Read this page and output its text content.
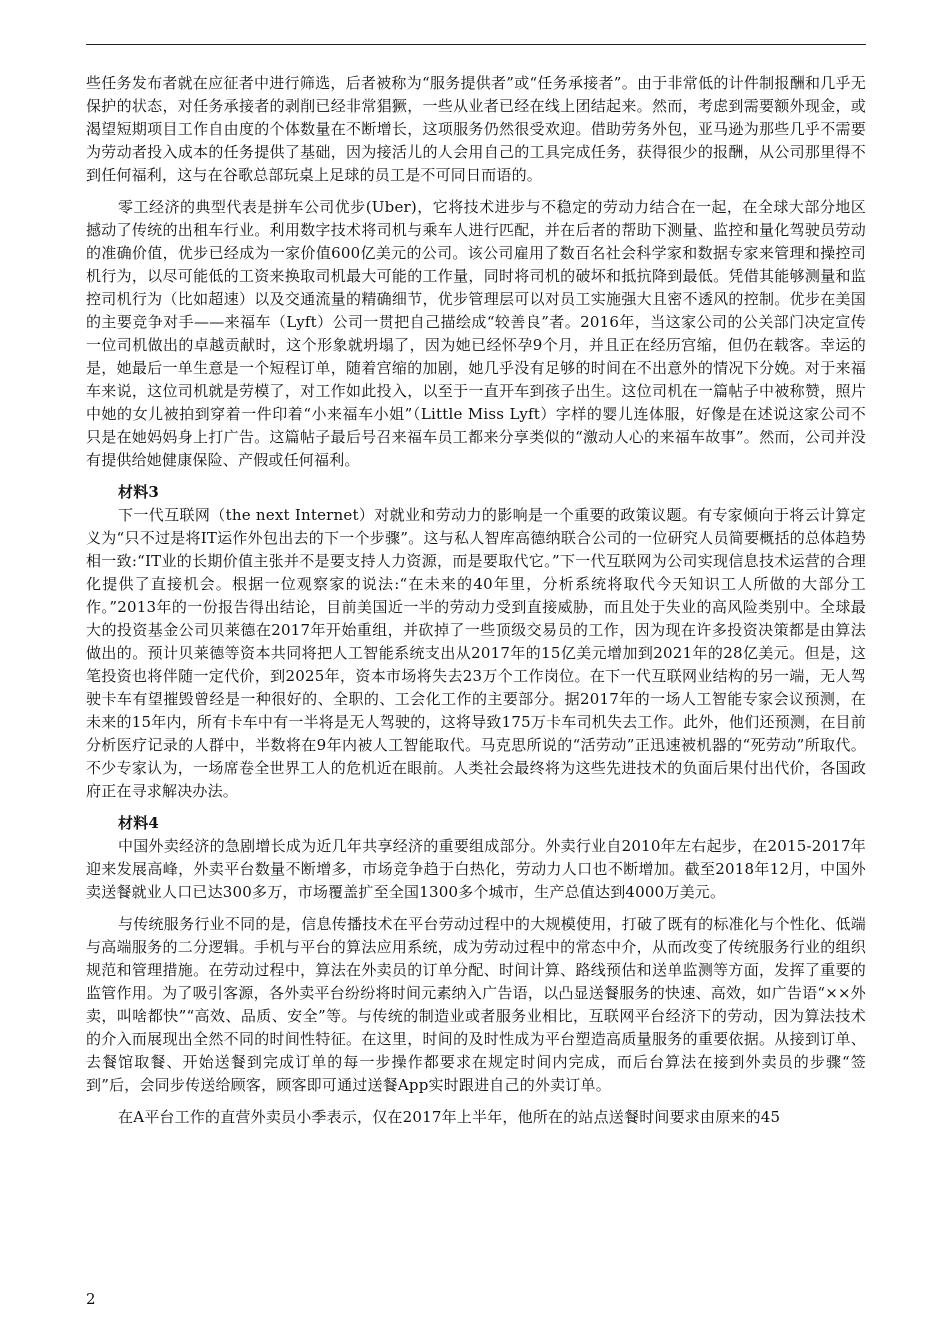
些任务发布者就在应征者中进行筛选，后者被称为“服务提供者”或“任务承接者”。由于非常低的计件制报酬和几乎无保护的状态，对任务承接者的剥削已经非常猖獗，一些从业者已经在线上团结起来。然而，考虑到需要额外现金，或渴望短期项目工作自由度的个体数量在不断增长，这项服务仍然很受欢迎。借助劳务外包，亚马逊为那些几乎不需要为劳动者投入成本的任务提供了基础，因为接活儿的人会用自己的工具完成任务，获得很少的报酬，从公司那里得不到任何福利，这与在谷歌总部玩桌上足球的员工是不可同日而语的。

零工经济的典型代表是拼车公司优步(Uber)，它将技术进步与不稳定的劳动力结合在一起，在全球大部分地区撼动了传统的出租车行业。利用数字技术将司机与乘车人进行匹配，并在后者的帮助下测量、监控和量化驾驶员劳动的准确价值，优步已经成为一家价值600亿美元的公司。该公司雇用了数百名社会科学家和数据专家来管理和操控司机行为，以尽可能低的工资来换取司机最大可能的工作量，同时将司机的破坏和抵抗降到最低。凭借其能够测量和监控司机行为（比如超速）以及交通流量的精确细节，优步管理层可以对员工实施强大且密不透风的控制。优步在美国的主要竞争对手——来福车（Lyft）公司一贯把自己描绘成“较善良”者。2016年，当这家公司的公关部门决定宣传一位司机做出的卓越贡献时，这个形象就坍塌了，因为她已经怀孕9个月，并且正在经历宫缩，但仍在载客。幸运的是，她最后一单生意是一个短程订单，随着宫缩的加剧，她几乎没有足够的时间在不出意外的情况下分娩。对于来福车来说，这位司机就是劳模了，对工作如此投入，以至于一直开车到孩子出生。这位司机在一篇帖子中被称赞，照片中她的女儿被拍到穿着一件印着“小来福车小姐”（Little Miss Lyft）字样的婴儿连体服，好像是在述说这家公司不只是在她妈妈身上打广告。这篇帖子最后号召来福车员工都来分享类似的“激动人心的来福车故事”。然而，公司并没有提供给她健康保险、产假或任何福利。

材料3

下一代互联网（the next Internet）对就业和劳动力的影响是一个重要的政策议题。有专家倾向于将云计算定义为“只不过是将IT运作外包出去的下一个步骤”。这与私人智库高德纳联合公司的一位研究人员简要概括的总体趋势相一致:“IT业的长期价值主张并不是要支持人力资源，而是要取代它。”下一代互联网为公司实现信息技术运营的合理化提供了直接机会。根据一位观察家的说法:“在未来的40年里，分析系统将取代今天知识工人所做的大部分工作。”2013年的一份报告得出结论，目前美国近一半的劳动力受到直接威胁，而且处于失业的高风险类别中。全球最大的投资基金公司贝莱德在2017年开始重组，并砍掉了一些顶级交易员的工作，因为现在许多投资决策都是由算法做出的。预计贝莱德等资本共同将把人工智能系统支出从2017年的15亿美元增加到2021年的28亿美元。但是，这笔投资也将伴随一定代价，到2025年，资本市场将失去23万个工作岗位。在下一代互联网业结构的另一端，无人驾驶卡车有望摧毁曾经是一种很好的、全职的、工会化工作的主要部分。据2017年的一场人工智能专家会议预测，在未来的15年内，所有卡车中有一半将是无人驾驶的，这将导致175万卡车司机失去工作。此外，他们还预测，在目前分析医疗记录的人群中，半数将在9年内被人工智能取代。马克思所说的“活劳动”正迅速被机器的“死劳动”所取代。不少专家认为，一场席卷全世界工人的危机近在眼前。人类社会最终将为这些先进技术的负面后果付出代价，各国政府正在寻求解决办法。

材料4

中国外卖经济的急剧增长成为近几年共享经济的重要组成部分。外卖行业自2010年左右起步，在2015-2017年迎来发展高峰，外卖平台数量不断增多，市场竞争趋于白热化，劳动力人口也不断增加。截至2018年12月，中国外卖送餐就业人口已达300多万，市场覆盖扩至全国1300多个城市，生产总值达到4000万美元。

与传统服务行业不同的是，信息传播技术在平台劳动过程中的大规模使用，打破了既有的标准化与个性化、低端与高端服务的二分逻辑。手机与平台的算法应用系统，成为劳动过程中的常态中介，从而改变了传统服务行业的组织规范和管理措施。在劳动过程中，算法在外卖员的订单分配、时间计算、路线预估和送单监测等方面，发挥了重要的监管作用。为了吸引客源，各外卖平台纷纷将时间元素纳入广告语，以凸显送餐服务的快速、高效，如广告语“××外卖，叫啥都快”“高效、品质、安全”等。与传统的制造业或者服务业相比，互联网平台经济下的劳动，因为算法技术的介入而展现出全然不同的时间性特征。在这里，时间的及时性成为平台塑造高质量服务的重要依据。从接到订单、去餐馆取餐、开始送餐到完成订单的每一步操作都要求在规定时间内完成，而后台算法在接到外卖员的步骤“签到”后，会同步传送给顾客，顾客即可通过送餐App实时跟进自己的外卖订单。

在A平台工作的直营外卖员小季表示，仅在2017年上半年，他所在的站点送餐时间要求由原来的45

2
